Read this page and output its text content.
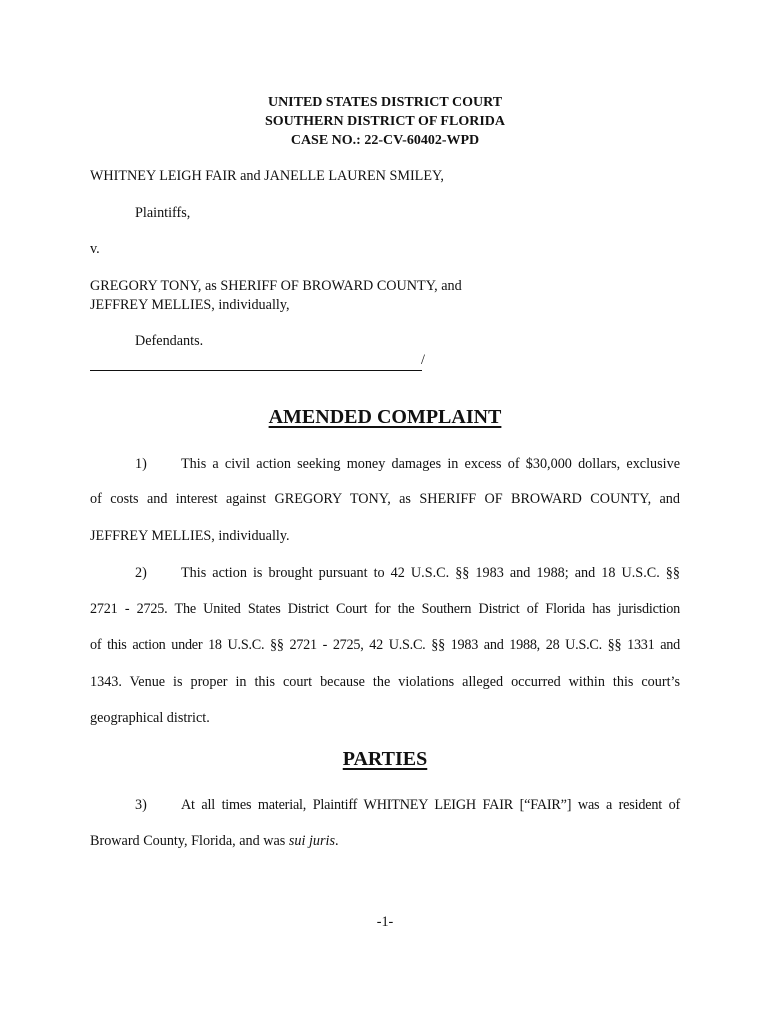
UNITED STATES DISTRICT COURT
SOUTHERN DISTRICT OF FLORIDA
CASE NO.: 22-CV-60402-WPD
WHITNEY LEIGH FAIR and JANELLE LAUREN SMILEY,
Plaintiffs,
v.
GREGORY TONY, as SHERIFF OF BROWARD COUNTY, and
JEFFREY MELLIES, individually,
Defendants.
/
AMENDED COMPLAINT
1) This a civil action seeking money damages in excess of $30,000 dollars, exclusive
of costs and interest against GREGORY TONY, as SHERIFF OF BROWARD COUNTY, and
JEFFREY MELLIES, individually.
2) This action is brought pursuant to 42 U.S.C. §§ 1983 and 1988; and 18 U.S.C. §§
2721 - 2725. The United States District Court for the Southern District of Florida has jurisdiction
of this action under 18 U.S.C. §§ 2721 - 2725, 42 U.S.C. §§ 1983 and 1988, 28 U.S.C. §§ 1331 and
1343. Venue is proper in this court because the violations alleged occurred within this court’s
geographical district.
PARTIES
3) At all times material, Plaintiff WHITNEY LEIGH FAIR [“FAIR”] was a resident of
Broward County, Florida, and was sui juris.
-1-
